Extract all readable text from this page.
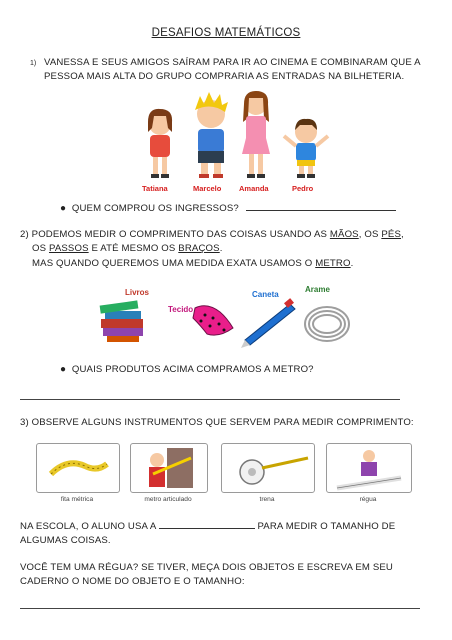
DESAFIOS MATEMÁTICOS
1) VANESSA E SEUS AMIGOS SAÍRAM PARA IR AO CINEMA E COMBINARAM QUE A
PESSOA MAIS ALTA DO GRUPO COMPRARIA AS ENTRADAS NA BILHETERIA.
Tatiana	Marcelo Amanda	Pedro
● QUEM COMPROU OS INGRESSOS?
2) PODEMOS MEDIR O COMPRIMENTO DAS COISAS USANDO AS MÃOS, OS PÉS,
OS PASSOS E ATÉ MESMO OS BRAÇOS.
MAS QUANDO QUEREMOS UMA MEDIDA EXATA USAMOS O METRO.
Livros
Tecido
Caneta
Arame
● QUAIS PRODUTOS ACIMA COMPRAMOS A METRO?
3) OBSERVE ALGUNS INSTRUMENTOS QUE SERVEM PARA MEDIR COMPRIMENTO:
fita métrica	metro articulado	trena	régua
NA ESCOLA, O ALUNO USA A	PARA MEDIR O TAMANHO DE
ALGUMAS COISAS.
VOCÊ TEM UMA RÉGUA? SE TIVER, MEÇA DOIS OBJETOS E ESCREVA EM SEU
CADERNO O NOME DO OBJETO E O TAMANHO:
